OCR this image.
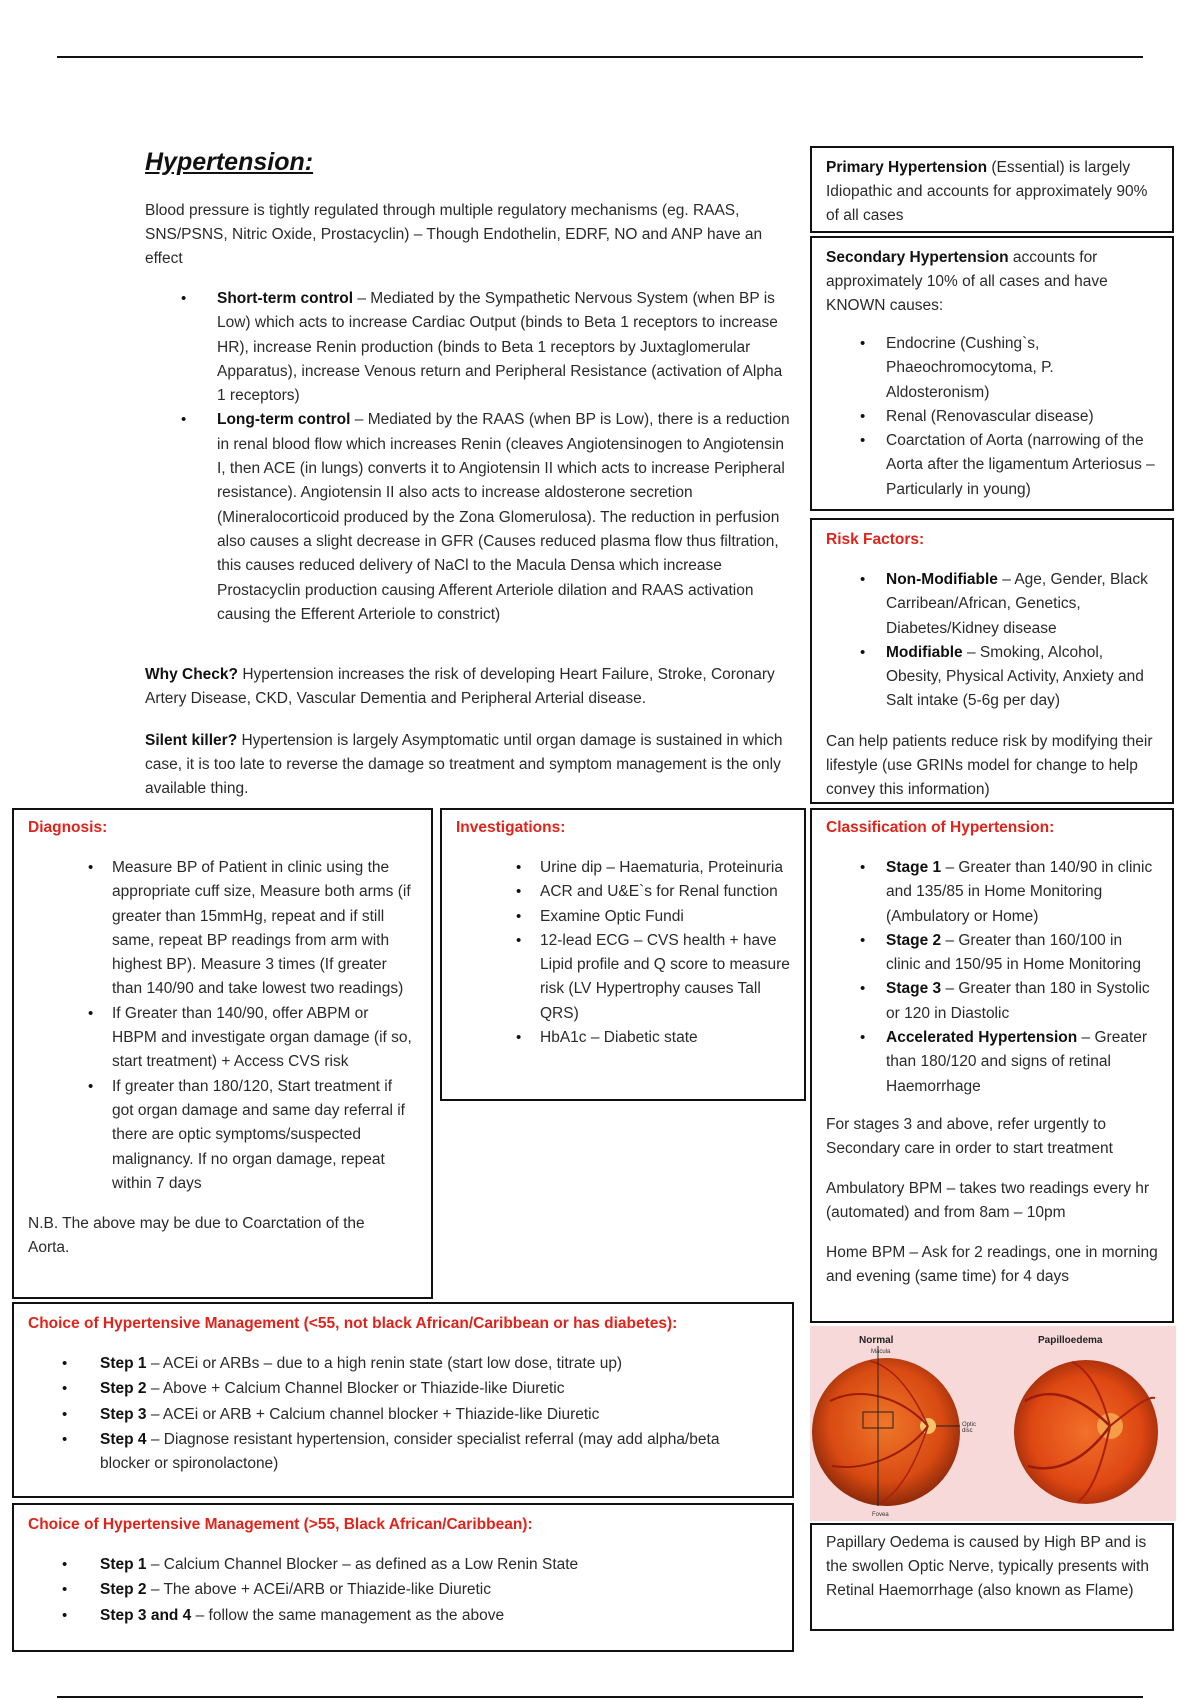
Hypertension:

Blood pressure is tightly regulated through multiple regulatory mechanisms (eg. RAAS, SNS/PSNS, Nitric Oxide, Prostacyclin) – Though Endothelin, EDRF, NO and ANP have an effect

• Short-term control – Mediated by the Sympathetic Nervous System (when BP is Low) which acts to increase Cardiac Output (binds to Beta 1 receptors to increase HR), increase Renin production (binds to Beta 1 receptors by Juxtaglomerular Apparatus), increase Venous return and Peripheral Resistance (activation of Alpha 1 receptors)
• Long-term control – Mediated by the RAAS (when BP is Low), there is a reduction in renal blood flow which increases Renin (cleaves Angiotensinogen to Angiotensin I, then ACE (in lungs) converts it to Angiotensin II which acts to increase Peripheral resistance). Angiotensin II also acts to increase aldosterone secretion (Mineralocorticoid produced by the Zona Glomerulosa). The reduction in perfusion also causes a slight decrease in GFR (Causes reduced plasma flow thus filtration, this causes reduced delivery of NaCl to the Macula Densa which increase Prostacyclin production causing Afferent Arteriole dilation and RAAS activation causing the Efferent Arteriole to constrict)

Why Check? Hypertension increases the risk of developing Heart Failure, Stroke, Coronary Artery Disease, CKD, Vascular Dementia and Peripheral Arterial disease.

Silent killer? Hypertension is largely Asymptomatic until organ damage is sustained in which case, it is too late to reverse the damage so treatment and symptom management is the only available thing.

Primary Hypertension (Essential) is largely Idiopathic and accounts for approximately 90% of all cases

Secondary Hypertension accounts for approximately 10% of all cases and have KNOWN causes:

• Endocrine (Cushing`s, Phaeochromocytoma, P. Aldosteronism)
• Renal (Renovascular disease)
• Coarctation of Aorta (narrowing of the Aorta after the ligamentum Arteriosus – Particularly in young)

Risk Factors:

• Non-Modifiable – Age, Gender, Black Carribean/African, Genetics, Diabetes/Kidney disease
• Modifiable – Smoking, Alcohol, Obesity, Physical Activity, Anxiety and Salt intake (5-6g per day)

Can help patients reduce risk by modifying their lifestyle (use GRINs model for change to help convey this information)

Diagnosis:

• Measure BP of Patient in clinic using the appropriate cuff size, Measure both arms (if greater than 15mmHg, repeat and if still same, repeat BP readings from arm with highest BP). Measure 3 times (If greater than 140/90 and take lowest two readings)
• If Greater than 140/90, offer ABPM or HBPM and investigate organ damage (if so, start treatment) + Access CVS risk
• If greater than 180/120, Start treatment if got organ damage and same day referral if there are optic symptoms/suspected malignancy. If no organ damage, repeat within 7 days

N.B. The above may be due to Coarctation of the Aorta.

Investigations:

• Urine dip – Haematuria, Proteinuria
• ACR and U&E`s for Renal function
• Examine Optic Fundi
• 12-lead ECG – CVS health + have Lipid profile and Q score to measure risk (LV Hypertrophy causes Tall QRS)
• HbA1c – Diabetic state

Classification of Hypertension:

• Stage 1 – Greater than 140/90 in clinic and 135/85 in Home Monitoring (Ambulatory or Home)
• Stage 2 – Greater than 160/100 in clinic and 150/95 in Home Monitoring
• Stage 3 – Greater than 180 in Systolic or 120 in Diastolic
• Accelerated Hypertension – Greater than 180/120 and signs of retinal Haemorrhage

For stages 3 and above, refer urgently to Secondary care in order to start treatment

Ambulatory BPM – takes two readings every hr (automated) and from 8am – 10pm

Home BPM – Ask for 2 readings, one in morning and evening (same time) for 4 days

Choice of Hypertensive Management (<55, not black African/Caribbean or has diabetes):

• Step 1 – ACEi or ARBs – due to a high renin state (start low dose, titrate up)
• Step 2 – Above + Calcium Channel Blocker or Thiazide-like Diuretic
• Step 3 – ACEi or ARB + Calcium channel blocker + Thiazide-like Diuretic
• Step 4 – Diagnose resistant hypertension, consider specialist referral (may add alpha/beta blocker or spironolactone)

Choice of Hypertensive Management (>55, Black African/Caribbean):

• Step 1 – Calcium Channel Blocker – as defined as a Low Renin State
• Step 2 – The above + ACEi/ARB or Thiazide-like Diuretic
• Step 3 and 4 – follow the same management as the above
Normal	Papilloedema
Macula
Optic disc
Fovea

Papillary Oedema is caused by High BP and is the swollen Optic Nerve, typically presents with Retinal Haemorrhage (also known as Flame)
